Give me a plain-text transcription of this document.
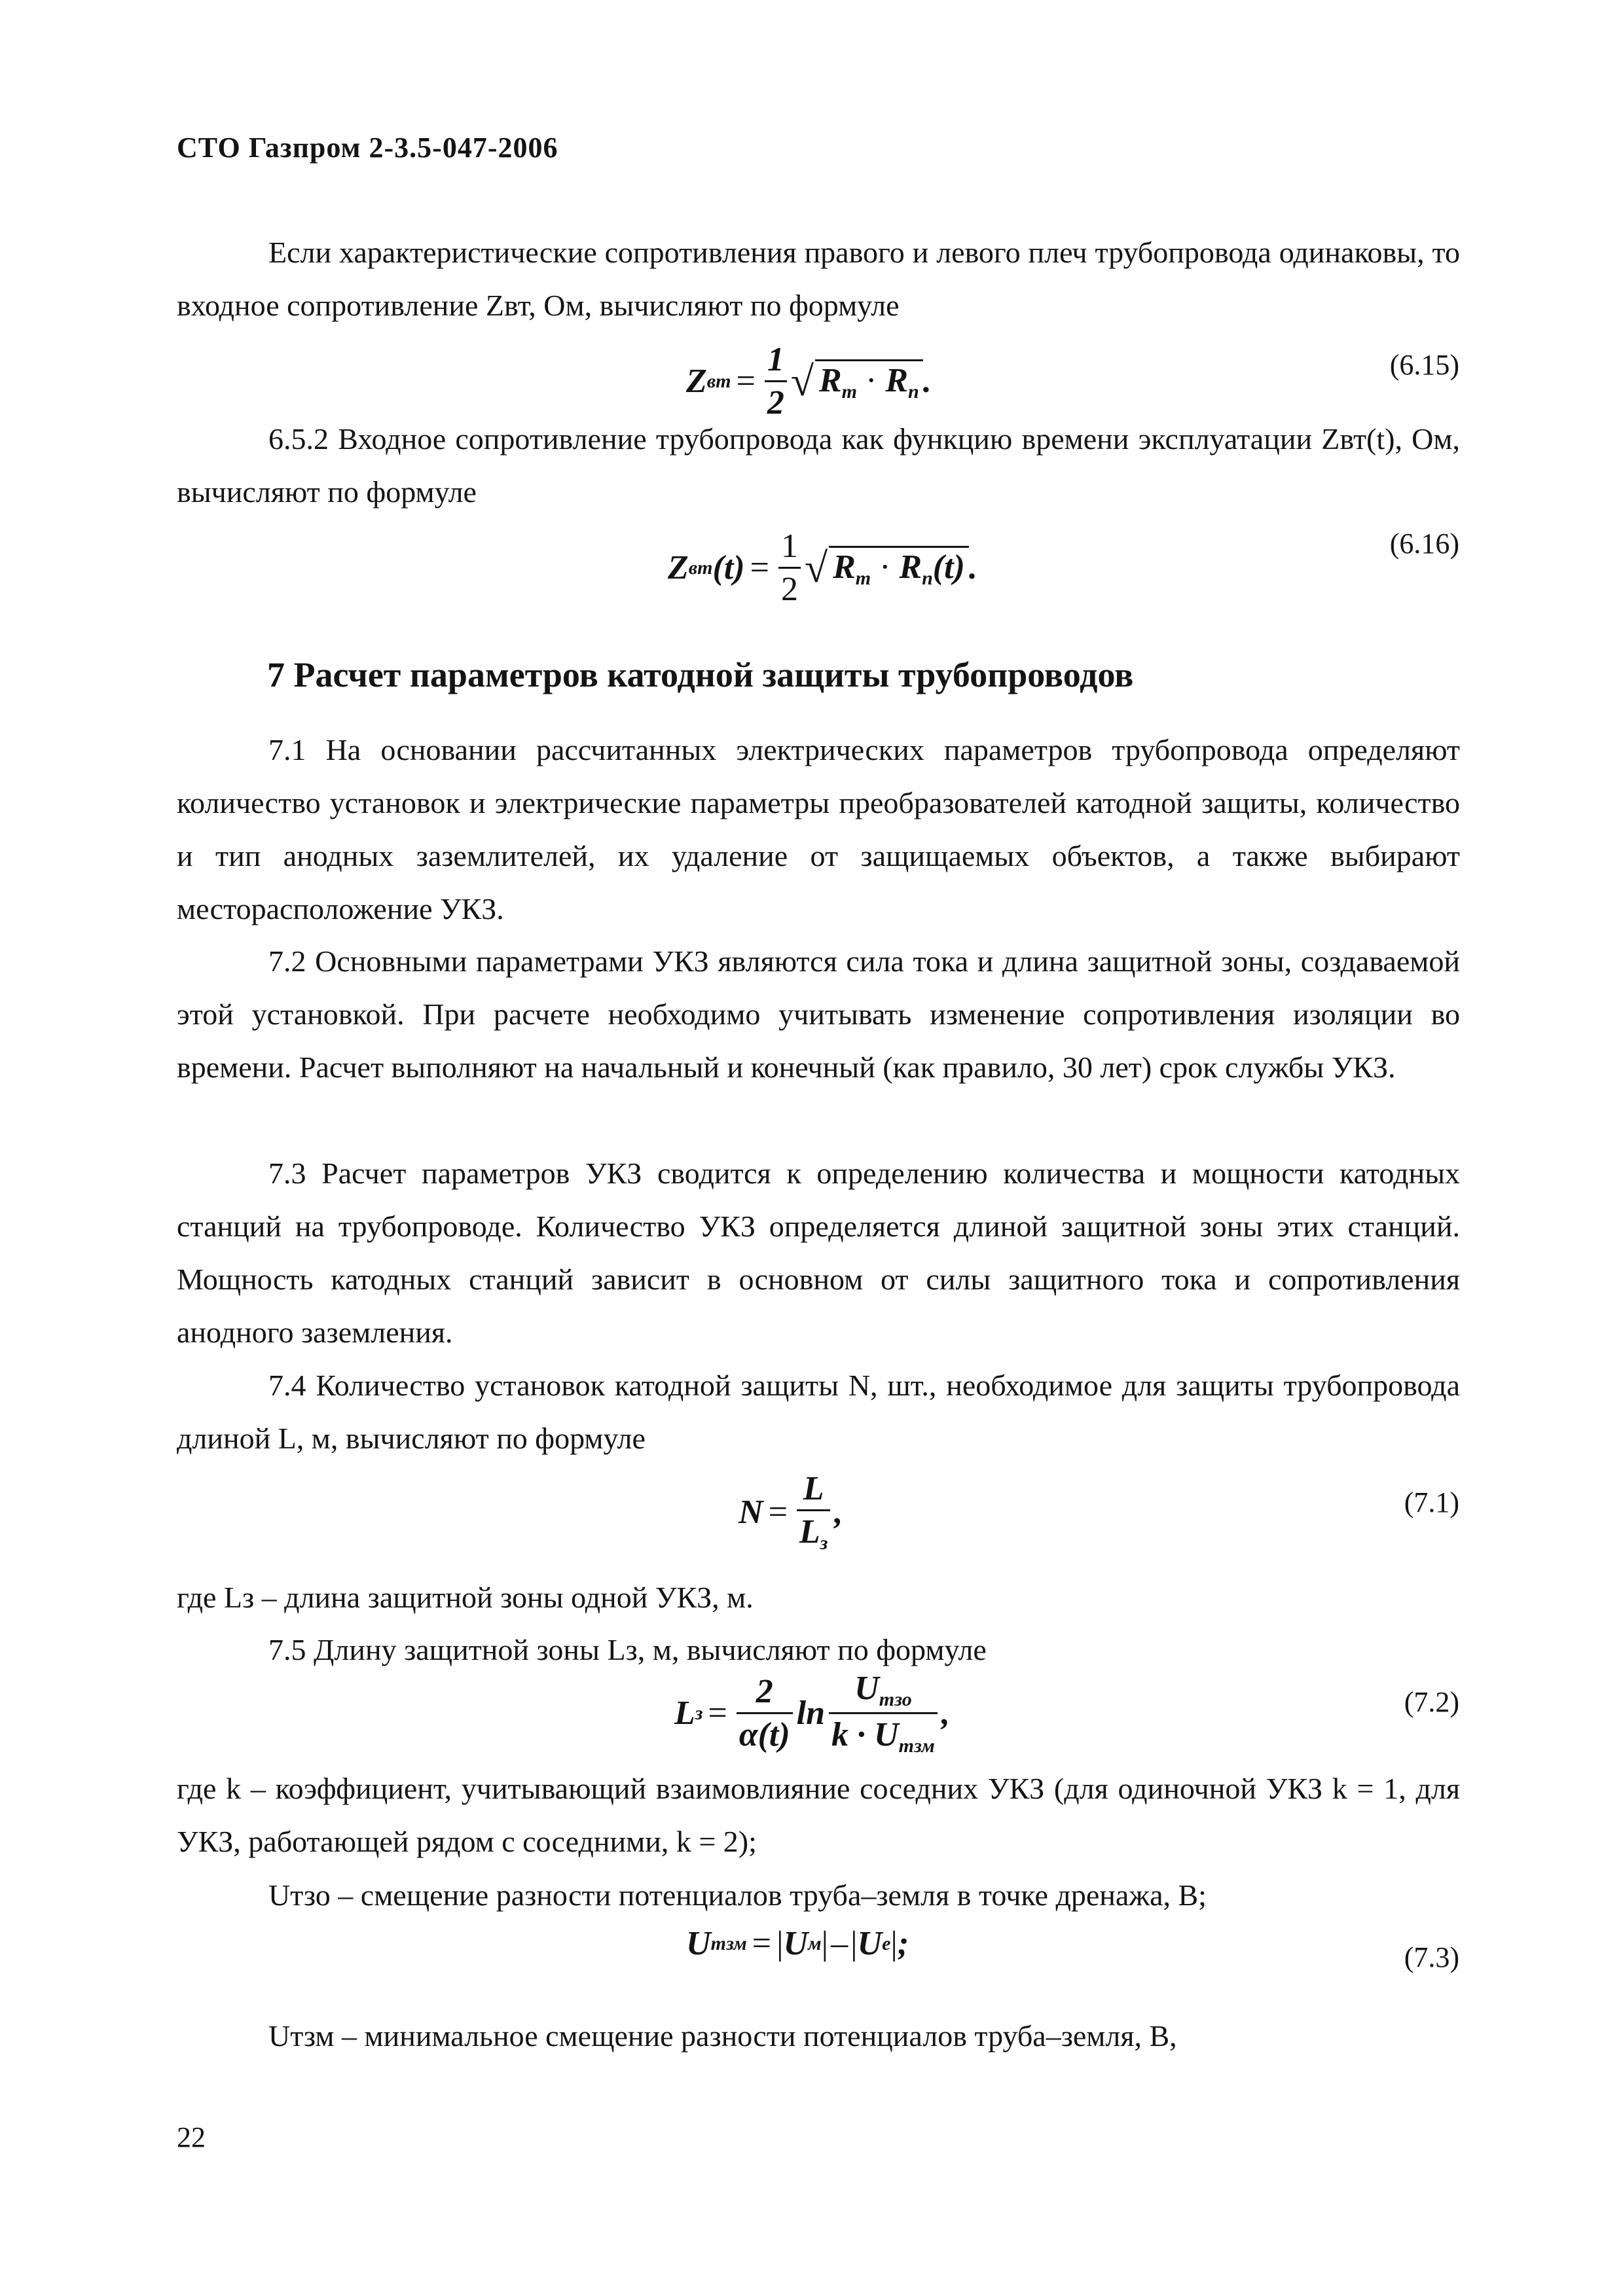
СТО Газпром 2-3.5-047-2006

Если характеристические сопротивления правого и левого плеч трубопровода одинаковы, то входное сопротивление Zвт, Ом, вычисляют по формуле

Z вт = $\frac{1}{2}$ √ $R_т \cdot R_п$ .	(6.15)

6.5.2 Входное сопротивление трубопровода как функцию времени эксплуатации Zвт(t), Ом, вычисляют по формуле

Z вт $(t) = \frac{1}{2}$ √ $R_т \cdot R_п(t)$ .
(6.16)
7 Расчет параметров катодной защиты трубопроводов

7.1 На основании рассчитанных электрических параметров трубопровода определяют количество установок и электрические параметры преобразователей катодной защиты, количество и тип анодных заземлителей, их удаление от защищаемых объектов, а также выбирают месторасположение УКЗ.

7.2 Основными параметрами УКЗ являются сила тока и длина защитной зоны, создаваемой этой установкой. При расчете необходимо учитывать изменение сопротивления изоляции во времени. Расчет выполняют на начальный и конечный (как правило, 30 лет) срок службы УКЗ.

7.3 Расчет параметров УКЗ сводится к определению количества и мощности катодных станций на трубопроводе. Количество УКЗ определяется длиной защитной зоны этих станций. Мощность катодных станций зависит в основном от силы защитного тока и сопротивления анодного заземления.

7.4 Количество установок катодной защиты N, шт., необходимое для защиты трубопровода длиной L, м, вычисляют по формуле

$N = \frac{L}{L_з}$ ,	(7.1)

где Lз – длина защитной зоны одной УКЗ, м.

7.5 Длину защитной зоны Lз, м, вычисляют по формуле

L $з = \frac{2}{\alpha(t)}$ $\ln \frac{U_{тзо}}{k \cdot U_{тзм}}$ ,	(7.2)

где k – коэффициент, учитывающий взаимовлияние соседних УКЗ (для одиночной УКЗ k = 1, для УКЗ, работающей рядом с соседними, k = 2);

Uтзо – смещение разности потенциалов труба–земля в точке дренажа, В;

U тзм = | U м | – | U е | ;	(7.3)

Uтзм – минимальное смещение разности потенциалов труба–земля, В,

22
